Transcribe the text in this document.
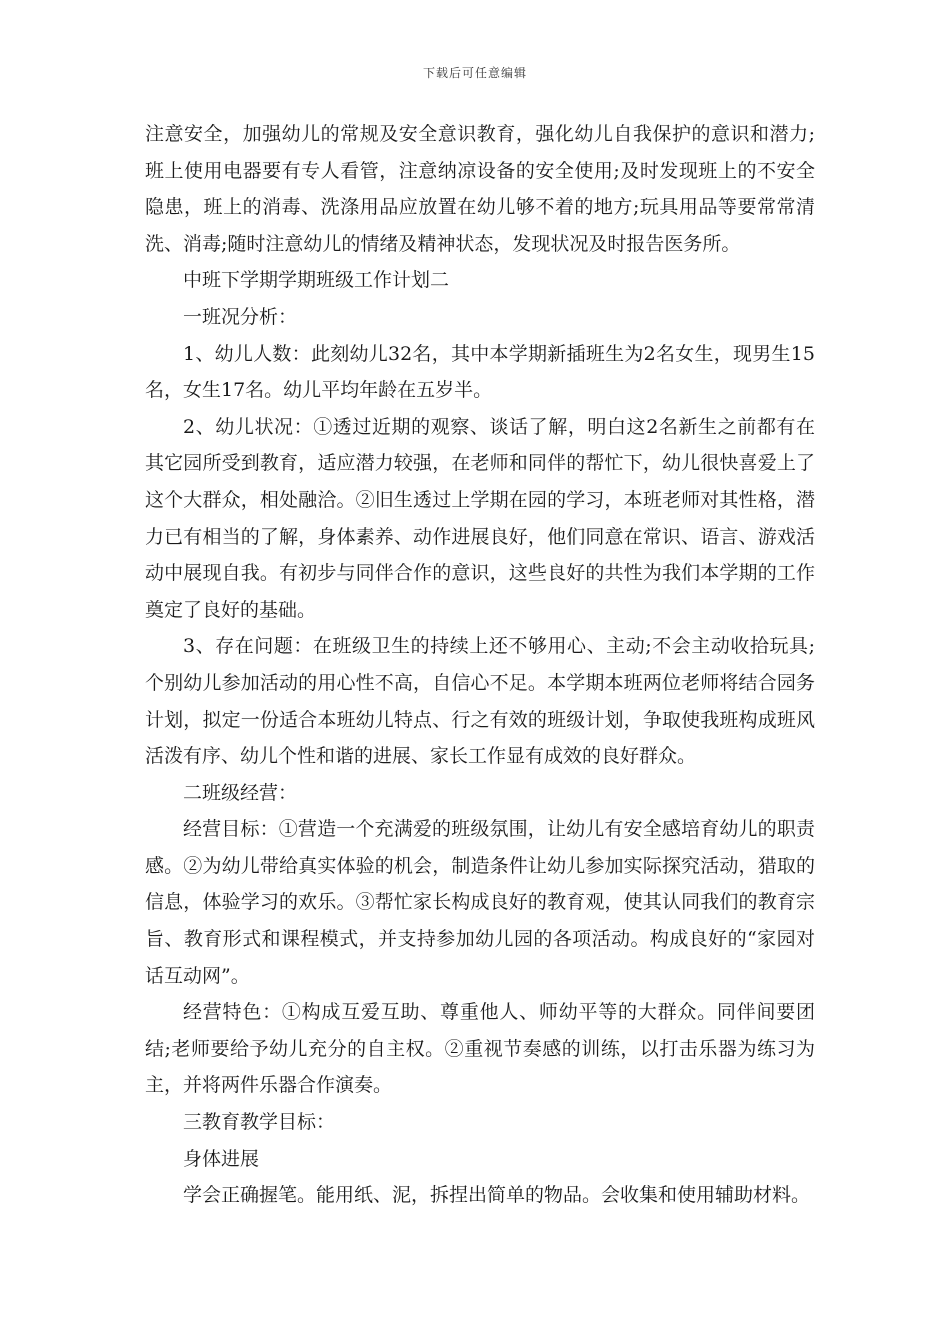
下载后可任意编辑

注意安全，加强幼儿的常规及安全意识教育，强化幼儿自我保护的意识和潜力;班上使用电器要有专人看管，注意纳凉设备的安全使用;及时发现班上的不安全隐患，班上的消毒、洗涤用品应放置在幼儿够不着的地方;玩具用品等要常常清洗、消毒;随时注意幼儿的情绪及精神状态，发现状况及时报告医务所。

中班下学期学期班级工作计划二

一班况分析：

1、幼儿人数：此刻幼儿32名，其中本学期新插班生为2名女生，现男生15名，女生17名。幼儿平均年龄在五岁半。

2、幼儿状况：①透过近期的观察、谈话了解，明白这2名新生之前都有在其它园所受到教育，适应潜力较强，在老师和同伴的帮忙下，幼儿很快喜爱上了这个大群众，相处融洽。②旧生透过上学期在园的学习，本班老师对其性格，潜力已有相当的了解，身体素养、动作进展良好，他们同意在常识、语言、游戏活动中展现自我。有初步与同伴合作的意识，这些良好的共性为我们本学期的工作奠定了良好的基础。

3、存在问题：在班级卫生的持续上还不够用心、主动;不会主动收拾玩具;个别幼儿参加活动的用心性不高，自信心不足。本学期本班两位老师将结合园务计划，拟定一份适合本班幼儿特点、行之有效的班级计划，争取使我班构成班风活泼有序、幼儿个性和谐的进展、家长工作显有成效的良好群众。

二班级经营：

经营目标：①营造一个充满爱的班级氛围，让幼儿有安全感培育幼儿的职责感。②为幼儿带给真实体验的机会，制造条件让幼儿参加实际探究活动，猎取的信息，体验学习的欢乐。③帮忙家长构成良好的教育观，使其认同我们的教育宗旨、教育形式和课程模式，并支持参加幼儿园的各项活动。构成良好的“家园对话互动网”。

经营特色：①构成互爱互助、尊重他人、师幼平等的大群众。同伴间要团结;老师要给予幼儿充分的自主权。②重视节奏感的训练，以打击乐器为练习为主，并将两件乐器合作演奏。

三教育教学目标：

身体进展

学会正确握笔。能用纸、泥，拆捏出简单的物品。会收集和使用辅助材料。
